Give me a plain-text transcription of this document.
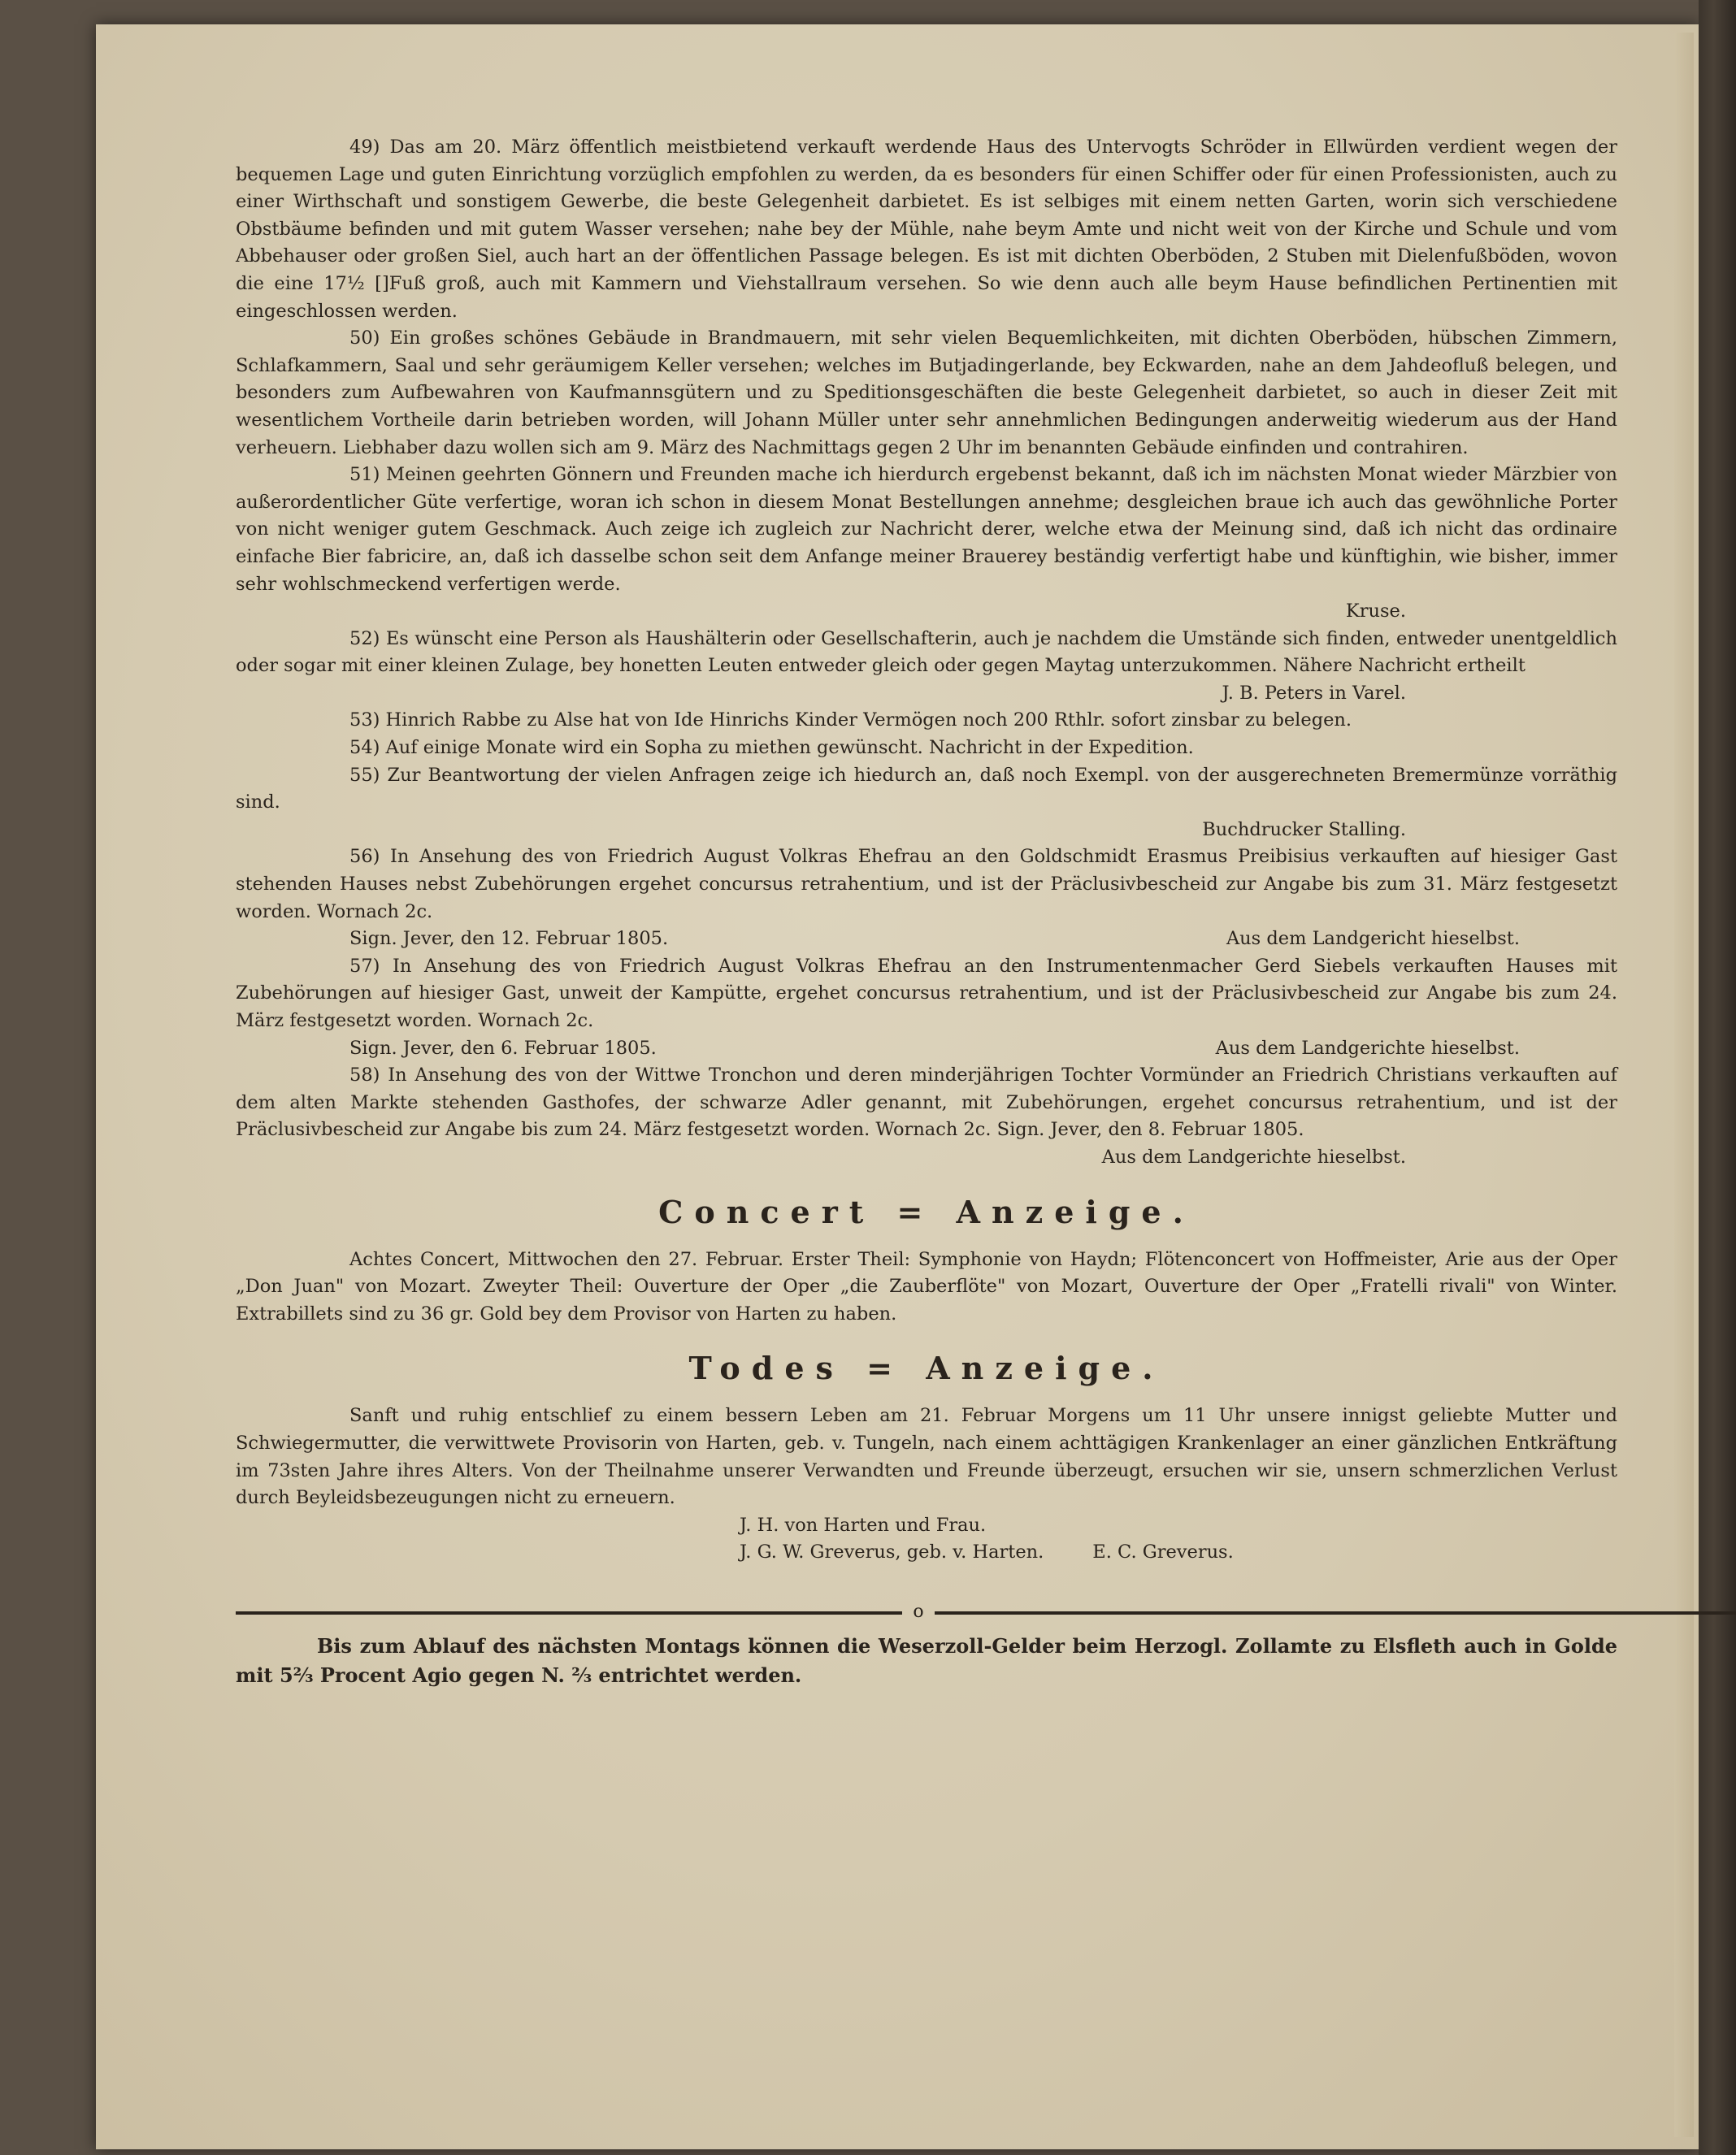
49) Das am 20. März öffentlich meistbietend verkauft werdende Haus des Untervogts Schröder in Ellwürden verdient wegen der bequemen Lage und guten Einrichtung vorzüglich empfohlen zu werden, da es besonders für einen Schiffer oder für einen Professionisten, auch zu einer Wirthschaft und sonstigem Gewerbe, die beste Gelegenheit darbietet. Es ist selbiges mit einem netten Garten, worin sich verschiedene Obstbäume befinden und mit gutem Wasser versehen; nahe bey der Mühle, nahe beym Amte und nicht weit von der Kirche und Schule und vom Abbehauser oder großen Siel, auch hart an der öffentlichen Passage belegen. Es ist mit dichten Oberböden, 2 Stuben mit Dielenfußböden, wovon die eine 17½ []Fuß groß, auch mit Kammern und Viehstallraum versehen. So wie denn auch alle beym Hause befindlichen Pertinentien mit eingeschlossen werden.

50) Ein großes schönes Gebäude in Brandmauern, mit sehr vielen Bequemlichkeiten, mit dichten Oberböden, hübschen Zimmern, Schlafkammern, Saal und sehr geräumigem Keller versehen; welches im Butjadingerlande, bey Eckwarden, nahe an dem Jahdeofluß belegen, und besonders zum Aufbewahren von Kaufmannsgütern und zu Speditionsgeschäften die beste Gelegenheit darbietet, so auch in dieser Zeit mit wesentlichem Vortheile darin betrieben worden, will Johann Müller unter sehr annehmlichen Bedingungen anderweitig wiederum aus der Hand verheuern. Liebhaber dazu wollen sich am 9. März des Nachmittags gegen 2 Uhr im benannten Gebäude einfinden und contrahiren.

51) Meinen geehrten Gönnern und Freunden mache ich hierdurch ergebenst bekannt, daß ich im nächsten Monat wieder Märzbier von außerordentlicher Güte verfertige, woran ich schon in diesem Monat Bestellungen annehme; desgleichen braue ich auch das gewöhnliche Porter von nicht weniger gutem Geschmack. Auch zeige ich zugleich zur Nachricht derer, welche etwa der Meinung sind, daß ich nicht das ordinaire einfache Bier fabricire, an, daß ich dasselbe schon seit dem Anfange meiner Brauerey beständig verfertigt habe und künftighin, wie bisher, immer sehr wohlschmeckend verfertigen werde.

Kruse.

52) Es wünscht eine Person als Haushälterin oder Gesellschafterin, auch je nachdem die Umstände sich finden, entweder unentgeldlich oder sogar mit einer kleinen Zulage, bey honetten Leuten entweder gleich oder gegen Maytag unterzukommen. Nähere Nachricht ertheilt

J. B. Peters in Varel.

53) Hinrich Rabbe zu Alse hat von Ide Hinrichs Kinder Vermögen noch 200 Rthlr. sofort zinsbar zu belegen.

54) Auf einige Monate wird ein Sopha zu miethen gewünscht. Nachricht in der Expedition.

55) Zur Beantwortung der vielen Anfragen zeige ich hiedurch an, daß noch Exempl. von der ausgerechneten Bremermünze vorräthig sind.

Buchdrucker Stalling.

56) In Ansehung des von Friedrich August Volkras Ehefrau an den Goldschmidt Erasmus Preibisius verkauften auf hiesiger Gast stehenden Hauses nebst Zubehörungen ergehet concursus retrahentium, und ist der Präclusivbescheid zur Angabe bis zum 31. März festgesetzt worden. Wornach 2c.

Sign. Jever, den 12. Februar 1805.	Aus dem Landgericht hieselbst.

57) In Ansehung des von Friedrich August Volkras Ehefrau an den Instrumentenmacher Gerd Siebels verkauften Hauses mit Zubehörungen auf hiesiger Gast, unweit der Kampütte, ergehet concursus retrahentium, und ist der Präclusivbescheid zur Angabe bis zum 24. März festgesetzt worden. Wornach 2c.

Sign. Jever, den 6. Februar 1805.	Aus dem Landgerichte hieselbst.

58) In Ansehung des von der Wittwe Tronchon und deren minderjährigen Tochter Vormünder an Friedrich Christians verkauften auf dem alten Markte stehenden Gasthofes, der schwarze Adler genannt, mit Zubehörungen, ergehet concursus retrahentium, und ist der Präclusivbescheid zur Angabe bis zum 24. März festgesetzt worden. Wornach 2c. Sign. Jever, den 8. Februar 1805.

Aus dem Landgerichte hieselbst.

Concert = Anzeige.

Achtes Concert, Mittwochen den 27. Februar. Erster Theil: Symphonie von Haydn; Flötenconcert von Hoffmeister, Arie aus der Oper „Don Juan" von Mozart. Zweyter Theil: Ouverture der Oper „die Zauberflöte" von Mozart, Ouverture der Oper „Fratelli rivali" von Winter. Extrabillets sind zu 36 gr. Gold bey dem Provisor von Harten zu haben.

Todes = Anzeige.

Sanft und ruhig entschlief zu einem bessern Leben am 21. Februar Morgens um 11 Uhr unsere innigst geliebte Mutter und Schwiegermutter, die verwittwete Provisorin von Harten, geb. v. Tungeln, nach einem achttägigen Krankenlager an einer gänzlichen Entkräftung im 73sten Jahre ihres Alters. Von der Theilnahme unserer Verwandten und Freunde überzeugt, ersuchen wir sie, unsern schmerzlichen Verlust durch Beyleidsbezeugungen nicht zu erneuern.

J. H. von Harten und Frau.

J. G. W. Greverus, geb. v. Harten.	E. C. Greverus.
o

Bis zum Ablauf des nächsten Montags können die Weserzoll-Gelder beim Herzogl. Zollamte zu Elsfleth auch in Golde mit 5⅔ Procent Agio gegen N. ⅔ entrichtet werden.
